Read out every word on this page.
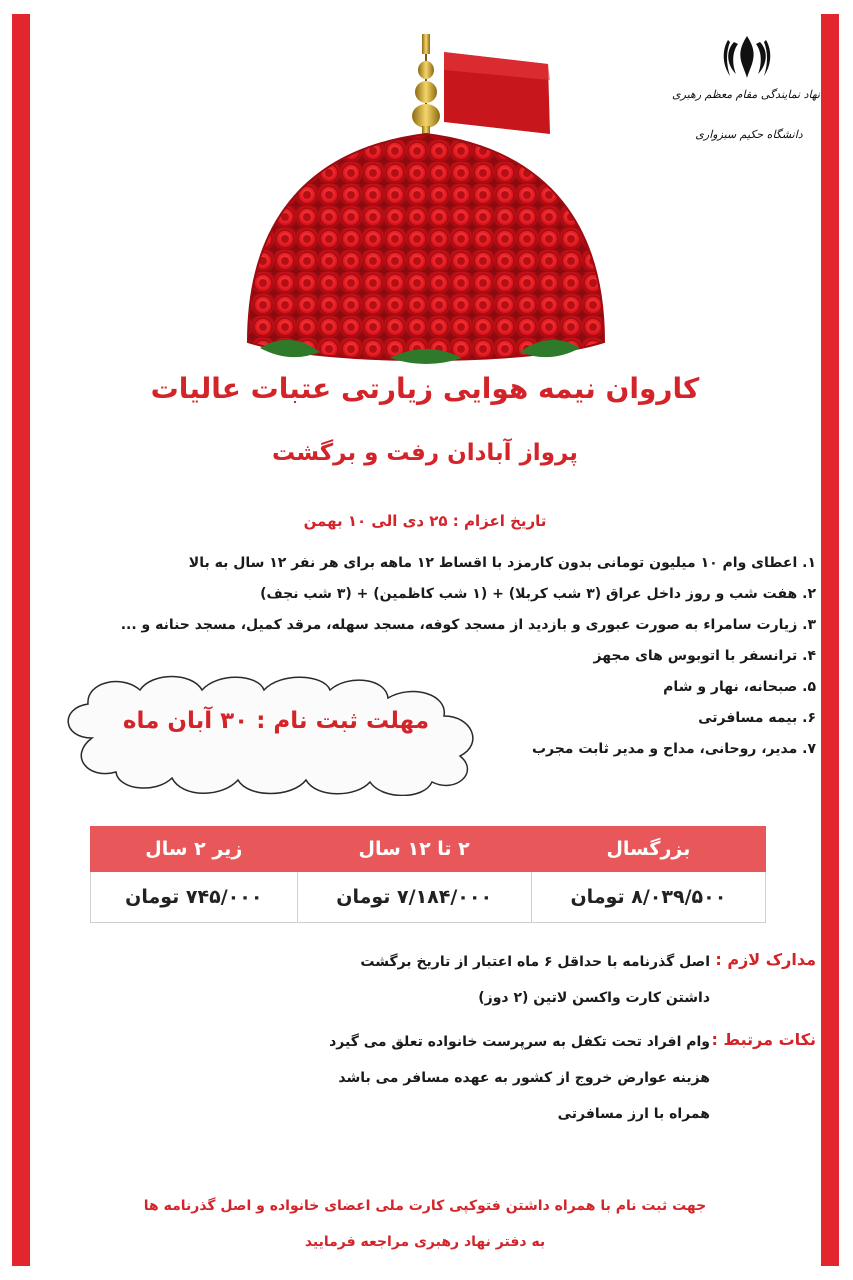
نهاد نمایندگی مقام معظم رهبری
دانشگاه حکیم سبزواری
کاروان نیمه هوایی زیارتی عتبات عالیات
پرواز آبادان رفت و برگشت
تاریخ اعزام : ۲۵ دی الی ۱۰ بهمن
۱. اعطای وام ۱۰ میلیون تومانی بدون کارمزد با اقساط ۱۲ ماهه برای هر نفر ۱۲ سال به بالا
۲. هفت شب و روز داخل عراق (۳ شب کربلا) + (۱ شب کاظمین) + (۳ شب نجف)
۳. زیارت سامراء به صورت عبوری و بازدید از مسجد کوفه، مسجد سهله، مرقد کمیل، مسجد حنانه و ...
۴. ترانسفر با اتوبوس های مجهز
۵. صبحانه، نهار و شام
۶. بیمه مسافرتی
۷. مدیر، روحانی، مداح و مدیر ثابت مجرب
مهلت ثبت نام : ۳۰ آبان ماه
بزرگسال	۲ تا ۱۲ سال	زیر ۲ سال
۸/۰۳۹/۵۰۰ تومان	۷/۱۸۴/۰۰۰ تومان	۷۴۵/۰۰۰ تومان
مدارک لازم :
اصل گذرنامه با حداقل ۶ ماه اعتبار از تاریخ برگشت
داشتن کارت واکسن لاتین (۲ دوز)
نکات مرتبط :
وام افراد تحت تکفل به سرپرست خانواده تعلق می گیرد
هزینه عوارض خروج از کشور به عهده مسافر می باشد
همراه با ارز مسافرتی
جهت ثبت نام با همراه داشتن فتوکپی کارت ملی اعضای خانواده و اصل گذرنامه ها
به دفتر نهاد رهبری مراجعه فرمایید
